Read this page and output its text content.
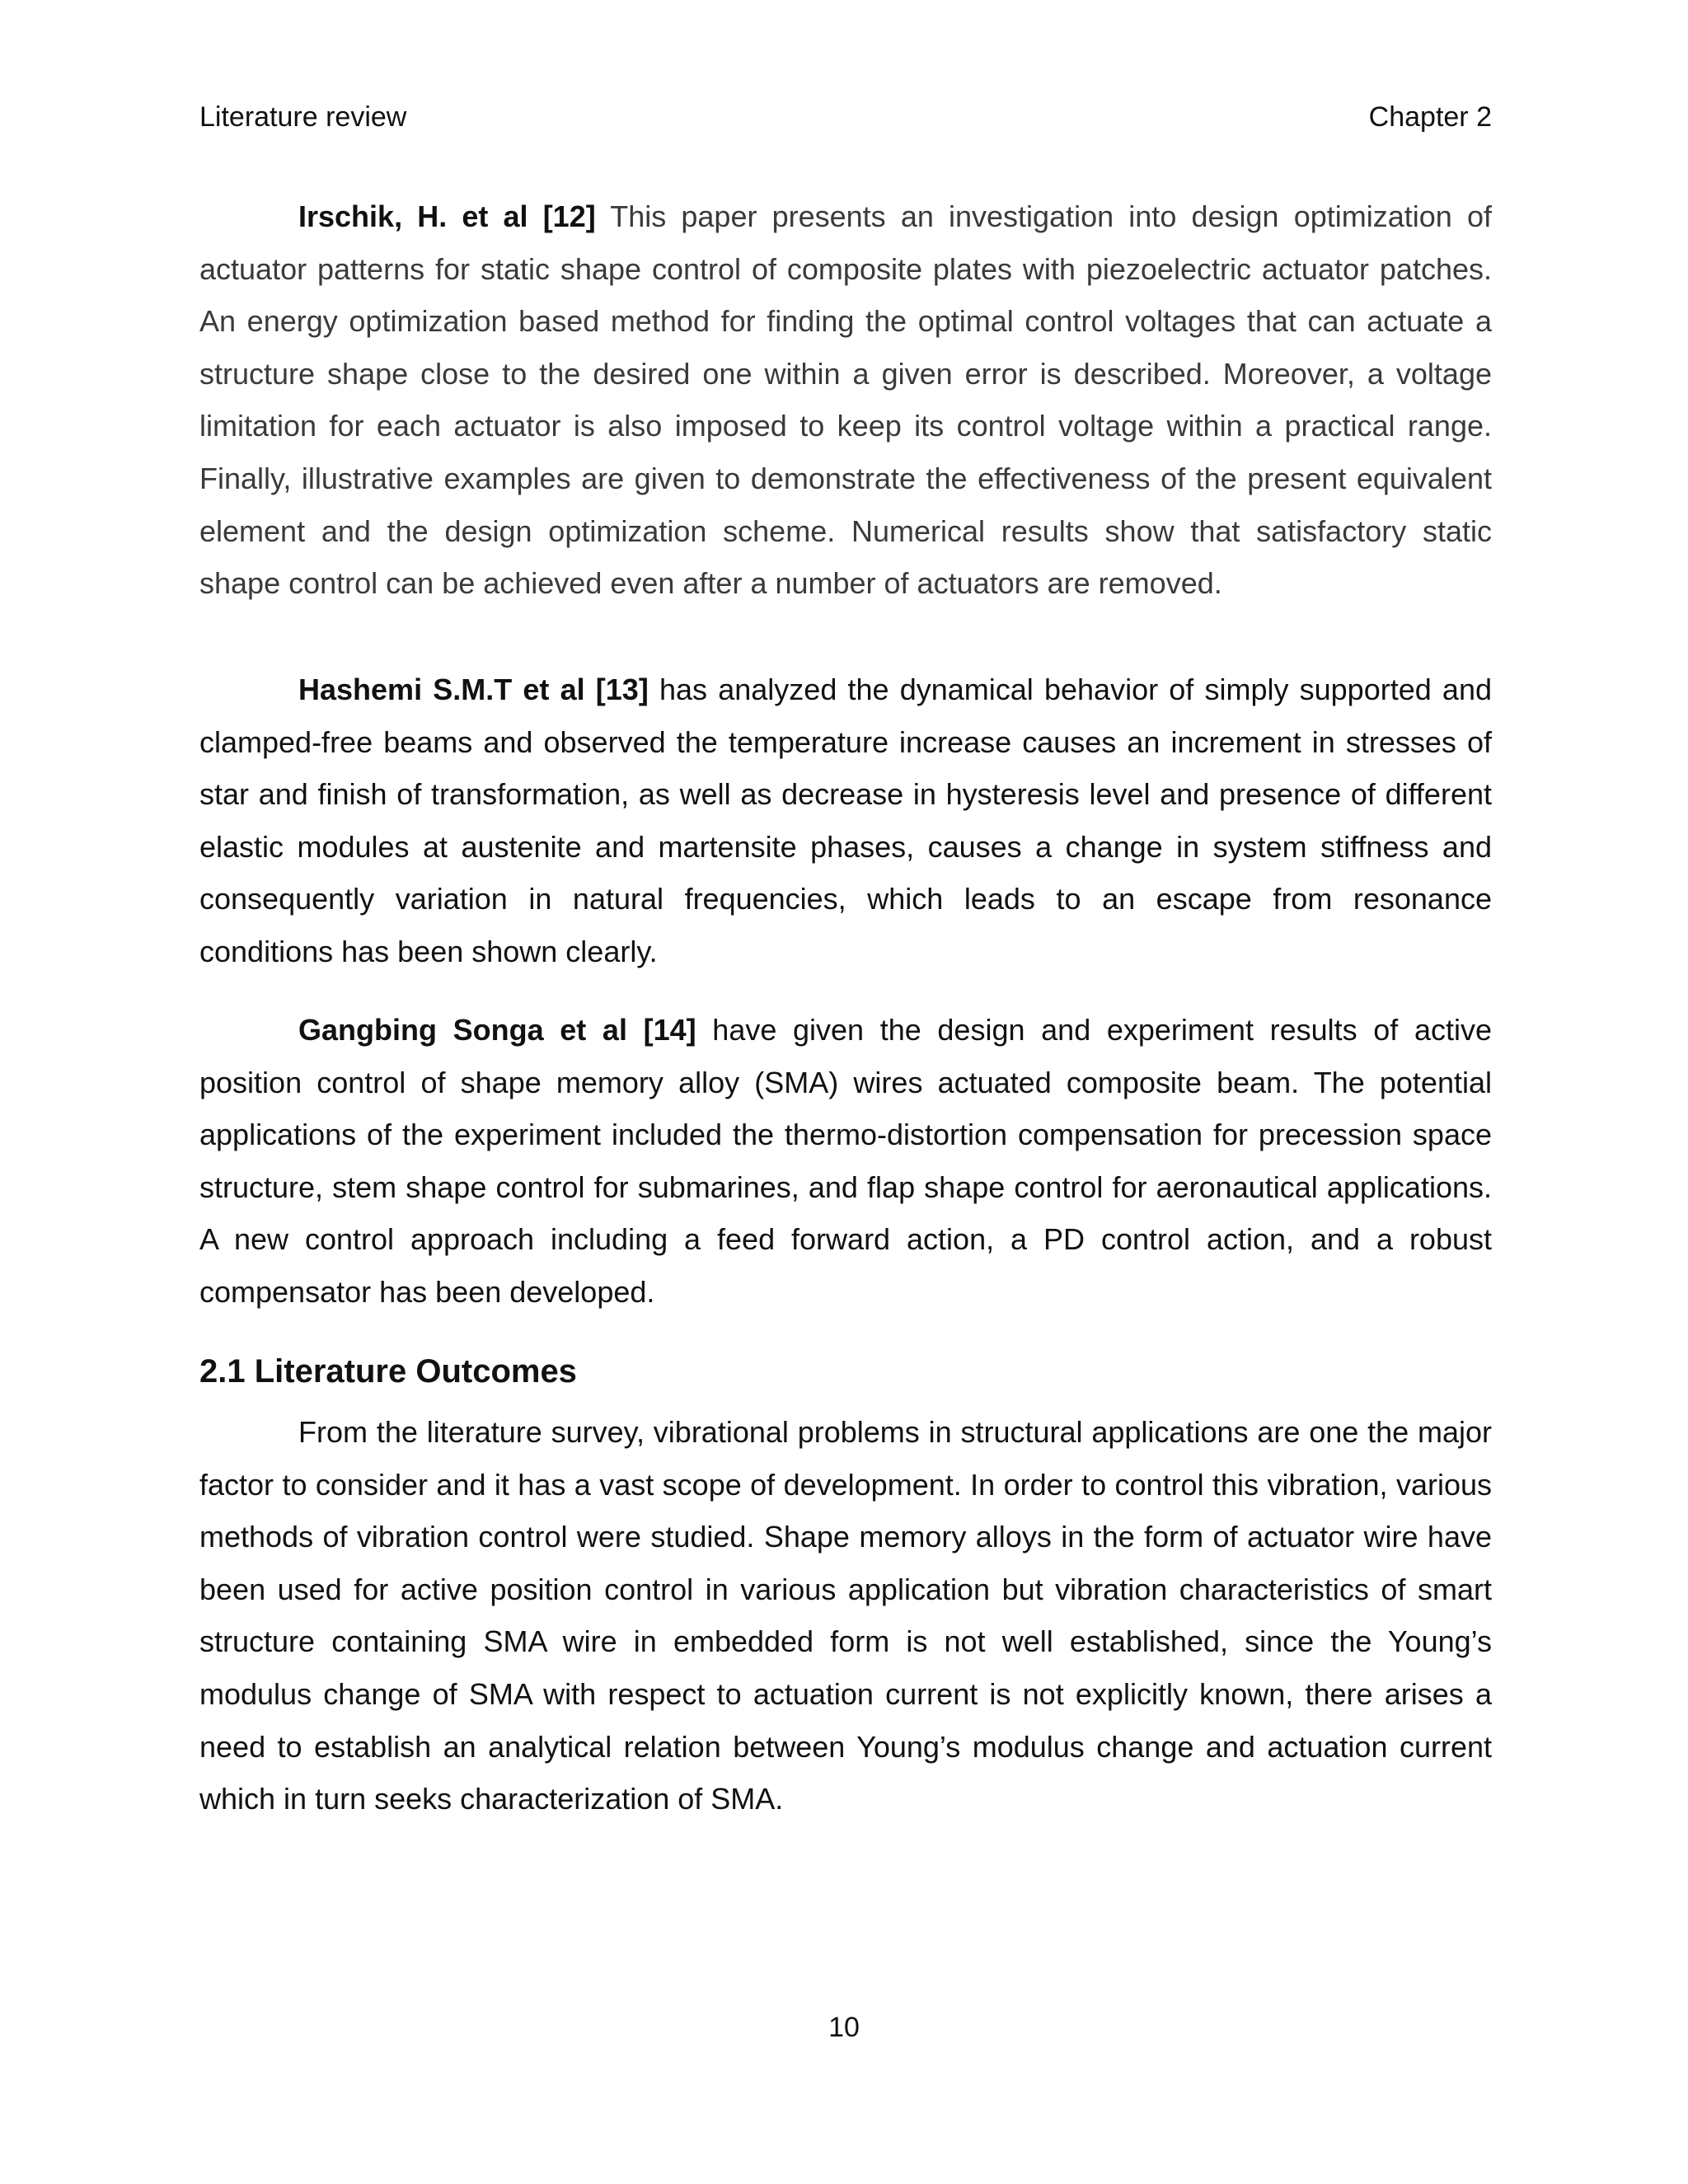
Literature review	Chapter 2

Irschik, H. et al [12] This paper presents an investigation into design optimization of actuator patterns for static shape control of composite plates with piezoelectric actuator patches. An energy optimization based method for finding the optimal control voltages that can actuate a structure shape close to the desired one within a given error is described. Moreover, a voltage limitation for each actuator is also imposed to keep its control voltage within a practical range. Finally, illustrative examples are given to demonstrate the effectiveness of the present equivalent element and the design optimization scheme. Numerical results show that satisfactory static shape control can be achieved even after a number of actuators are removed.

Hashemi S.M.T et al [13] has analyzed the dynamical behavior of simply supported and clamped-free beams and observed the temperature increase causes an increment in stresses of star and finish of transformation, as well as decrease in hysteresis level and presence of different elastic modules at austenite and martensite phases, causes a change in system stiffness and consequently variation in natural frequencies, which leads to an escape from resonance conditions has been shown clearly.

Gangbing Songa et al [14] have given the design and experiment results of active position control of shape memory alloy (SMA) wires actuated composite beam. The potential applications of the experiment included the thermo-distortion compensation for precession space structure, stem shape control for submarines, and flap shape control for aeronautical applications. A new control approach including a feed forward action, a PD control action, and a robust compensator has been developed.

2.1 Literature Outcomes

From the literature survey, vibrational problems in structural applications are one the major factor to consider and it has a vast scope of development. In order to control this vibration, various methods of vibration control were studied. Shape memory alloys in the form of actuator wire have been used for active position control in various application but vibration characteristics of smart structure containing SMA wire in embedded form is not well established, since the Young’s modulus change of SMA with respect to actuation current is not explicitly known, there arises a need to establish an analytical relation between Young’s modulus change and actuation current which in turn seeks characterization of SMA.

10
